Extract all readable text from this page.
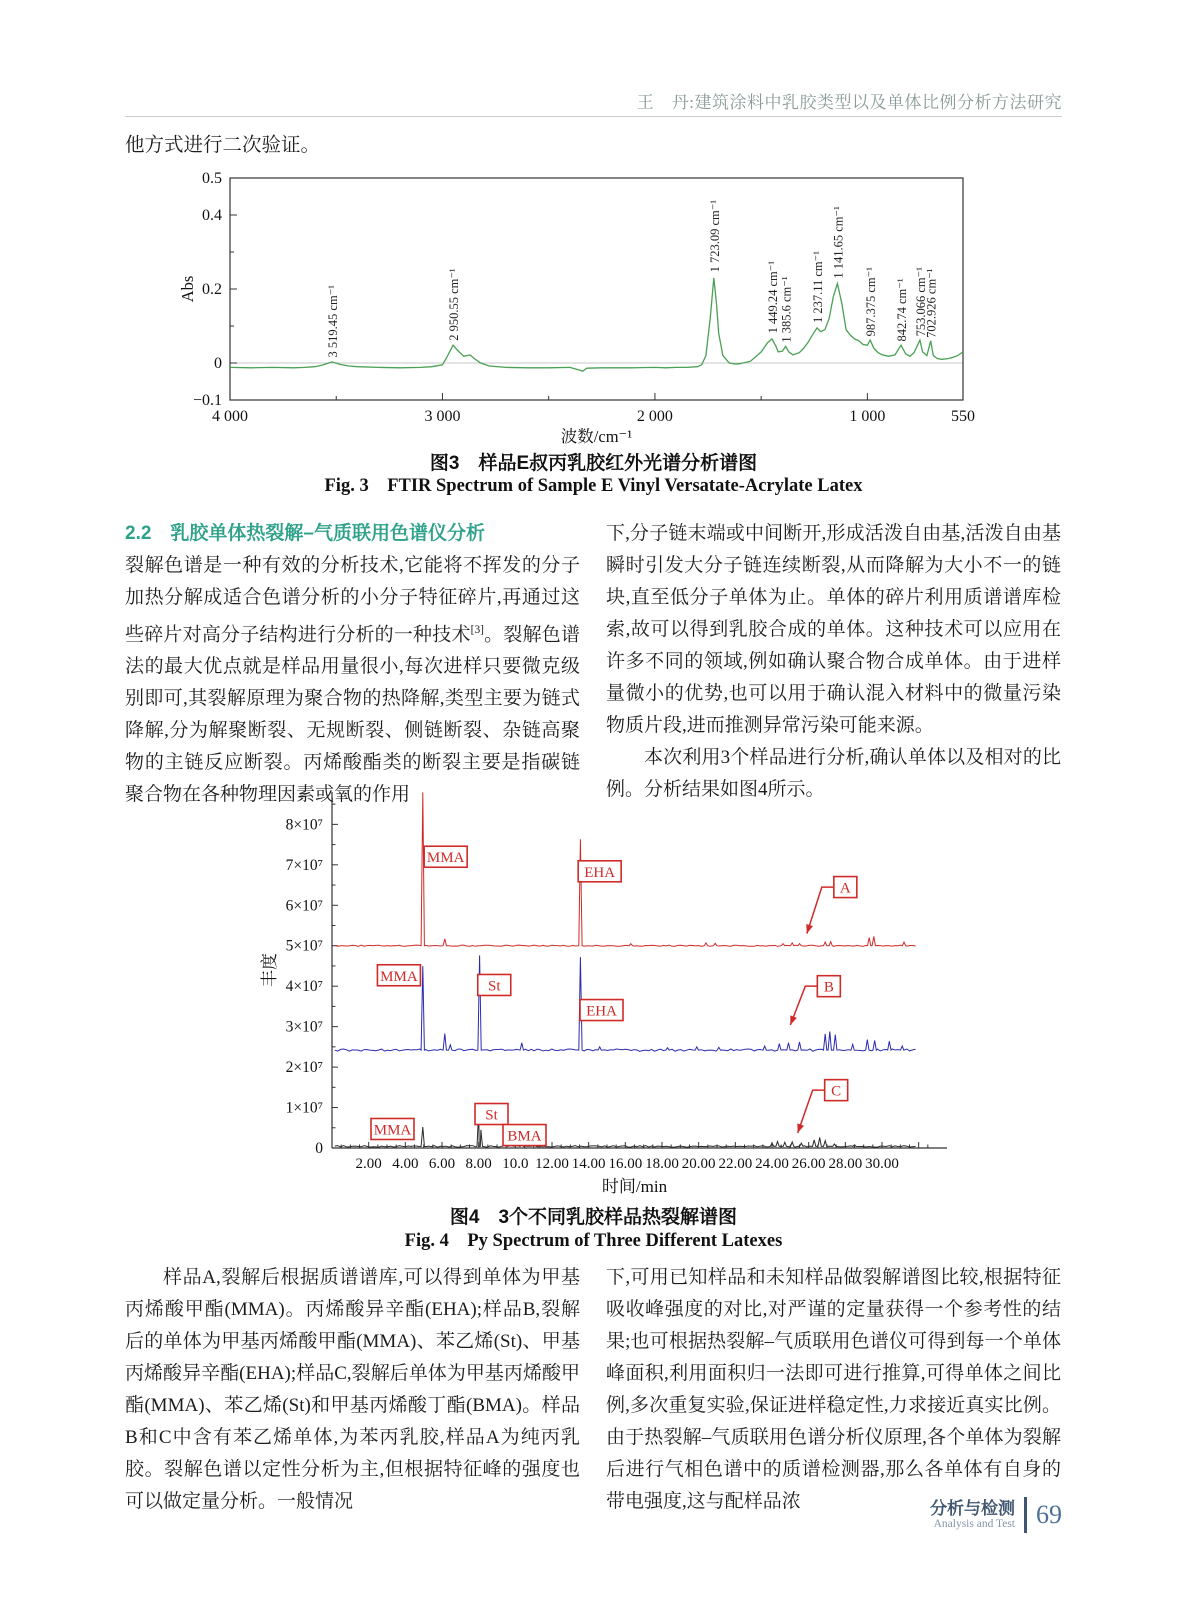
王　丹:建筑涂料中乳胶类型以及单体比例分析方法研究

他方式进行二次验证。

4 000	3 000	2 000	1 000	550
0.5
0.4
0.2
0
−0.1
3 519.45 cm⁻¹	2 950.55 cm⁻¹
1 723.09 cm⁻¹
1 449.24 cm⁻¹ 1 385.6 cm⁻¹ 1 237.11 cm⁻¹
1 141.65 cm⁻¹
987.375 cm⁻¹ 842.74 cm⁻¹ 753.066 cm⁻¹
702.926 cm⁻¹
波数/cm⁻¹
Abs
图3　样品E叔丙乳胶红外光谱分析谱图
Fig. 3 FTIR Spectrum of Sample E Vinyl Versatate-Acrylate Latex
2.2　乳胶单体热裂解–气质联用色谱仪分析

裂解色谱是一种有效的分析技术,它能将不挥发的分子加热分解成适合色谱分析的小分子特征碎片,再通过这些碎片对高分子结构进行分析的一种技术[3]。裂解色谱法的最大优点就是样品用量很小,每次进样只要微克级别即可,其裂解原理为聚合物的热降解,类型主要为链式降解,分为解聚断裂、无规断裂、侧链断裂、杂链高聚物的主链反应断裂。丙烯酸酯类的断裂主要是指碳链聚合物在各种物理因素或氧的作用

下,分子链末端或中间断开,形成活泼自由基,活泼自由基瞬时引发大分子链连续断裂,从而降解为大小不一的链块,直至低分子单体为止。单体的碎片利用质谱谱库检索,故可以得到乳胶合成的单体。这种技术可以应用在许多不同的领域,例如确认聚合物合成单体。由于进样量微小的优势,也可以用于确认混入材料中的微量污染物质片段,进而推测异常污染可能来源。

本次利用3个样品进行分析,确认单体以及相对的比例。分析结果如图4所示。

8×10⁷
7×10⁷
6×10⁷
5×10⁷
4×10⁷
3×10⁷
2×10⁷
1×10⁷
0
2.00 4.00 6.00 8.00 10.0 12.00 14.00 16.00 18.00 20.00 22.00 24.00 26.00 28.00 30.00
MMA
EHA
A
MMA
St
EHA
B
MMA
St
BMA
C
时间/min
丰度
图4　3个不同乳胶样品热裂解谱图
Fig. 4 Py Spectrum of Three Different Latexes

样品A,裂解后根据质谱谱库,可以得到单体为甲基丙烯酸甲酯(MMA)。丙烯酸异辛酯(EHA);样品B,裂解后的单体为甲基丙烯酸甲酯(MMA)、苯乙烯(St)、甲基丙烯酸异辛酯(EHA);样品C,裂解后单体为甲基丙烯酸甲酯(MMA)、苯乙烯(St)和甲基丙烯酸丁酯(BMA)。样品B和C中含有苯乙烯单体,为苯丙乳胶,样品A为纯丙乳胶。裂解色谱以定性分析为主,但根据特征峰的强度也可以做定量分析。一般情况

下,可用已知样品和未知样品做裂解谱图比较,根据特征吸收峰强度的对比,对严谨的定量获得一个参考性的结果;也可根据热裂解–气质联用色谱仪可得到每一个单体峰面积,利用面积归一法即可进行推算,可得单体之间比例,多次重复实验,保证进样稳定性,力求接近真实比例。由于热裂解–气质联用色谱分析仪原理,各个单体为裂解后进行气相色谱中的质谱检测器,那么各单体有自身的带电强度,这与配样品浓	分析与检测
Analysis and Test 69
